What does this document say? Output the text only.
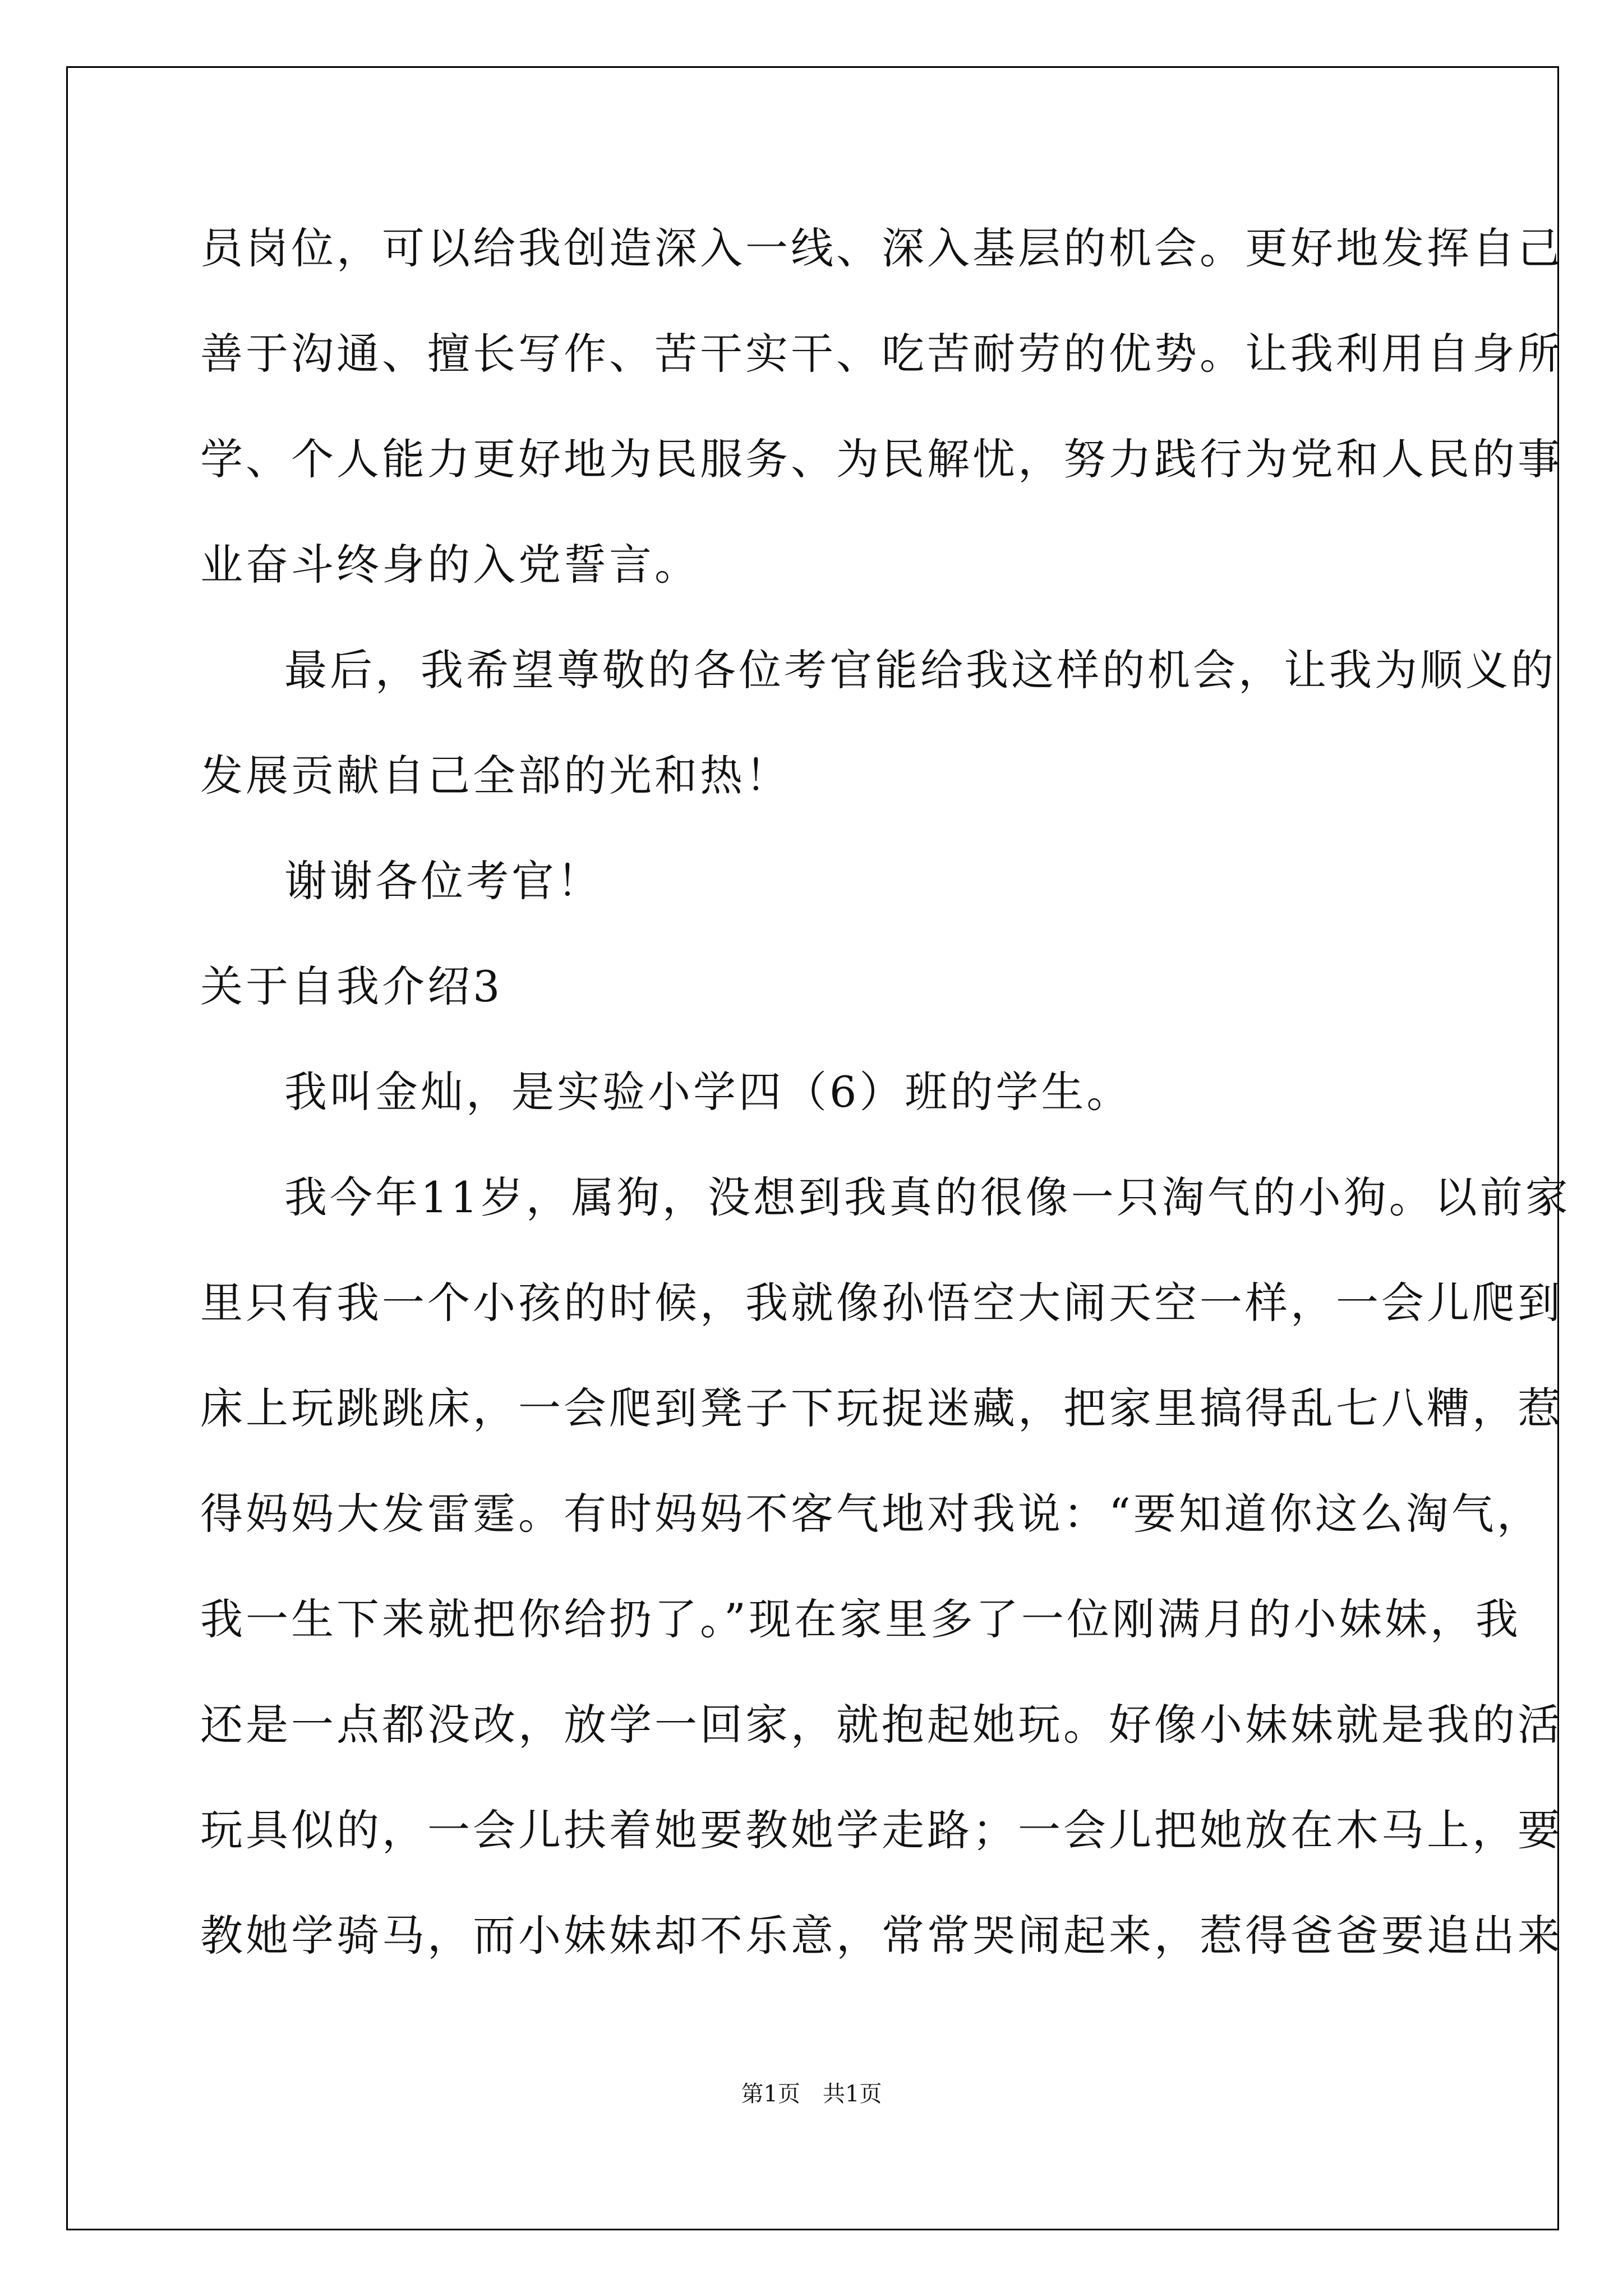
员岗位，可以给我创造深入一线、深入基层的机会。更好地发挥自己
善于沟通、擅长写作、苦干实干、吃苦耐劳的优势。让我利用自身所
学、个人能力更好地为民服务、为民解忧，努力践行为党和人民的事
业奋斗终身的入党誓言。
最后，我希望尊敬的各位考官能给我这样的机会，让我为顺义的
发展贡献自己全部的光和热！
谢谢各位考官！
关于自我介绍3
我叫金灿，是实验小学四（6）班的学生。
我今年11岁，属狗，没想到我真的很像一只淘气的小狗。以前家
里只有我一个小孩的时候，我就像孙悟空大闹天空一样，一会儿爬到
床上玩跳跳床，一会爬到凳子下玩捉迷藏，把家里搞得乱七八糟，惹
得妈妈大发雷霆。有时妈妈不客气地对我说：“要知道你这么淘气，
我一生下来就把你给扔了。”现在家里多了一位刚满月的小妹妹，我
还是一点都没改，放学一回家，就抱起她玩。好像小妹妹就是我的活
玩具似的，一会儿扶着她要教她学走路；一会儿把她放在木马上，要
教她学骑马，而小妹妹却不乐意，常常哭闹起来，惹得爸爸要追出来
第1页　共1页
